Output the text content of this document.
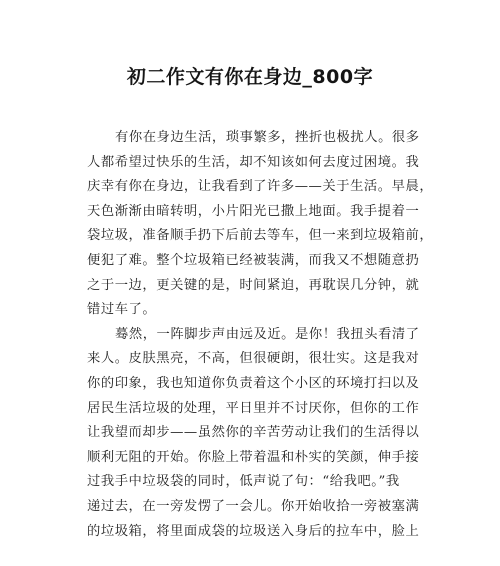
初二作文有你在身边_800字
有你在身边生活，琐事繁多，挫折也极扰人。很多
人都希望过快乐的生活，却不知该如何去度过困境。我
庆幸有你在身边，让我看到了许多——关于生活。早晨，
天色渐渐由暗转明，小片阳光已撒上地面。我手提着一
袋垃圾，准备顺手扔下后前去等车，但一来到垃圾箱前，
便犯了难。整个垃圾箱已经被装满，而我又不想随意扔
之于一边，更关键的是，时间紧迫，再耽误几分钟，就
错过车了。
蓦然，一阵脚步声由远及近。是你！我扭头看清了
来人。皮肤黑亮，不高，但很硬朗，很壮实。这是我对
你的印象，我也知道你负责着这个小区的环境打扫以及
居民生活垃圾的处理，平日里并不讨厌你，但你的工作
让我望而却步——虽然你的辛苦劳动让我们的生活得以
顺利无阻的开始。你脸上带着温和朴实的笑颜，伸手接
过我手中垃圾袋的同时，低声说了句：“给我吧。”我
递过去，在一旁发愣了一会儿。你开始收拾一旁被塞满
的垃圾箱，将里面成袋的垃圾送入身后的拉车中，脸上
